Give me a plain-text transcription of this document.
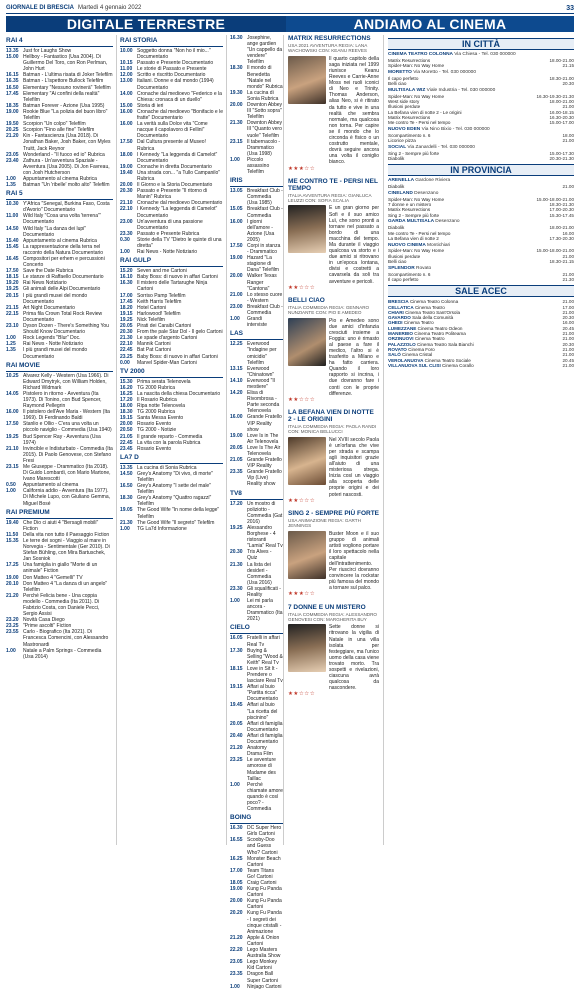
GIORNALE DI BRESCIA Martedì 4 gennaio 2022	33
DIGITALE TERRESTRE	ANDIAMO AL CINEMA
RAI 4
13.35 Just for Laughs Show
15.00 Hellboy - Fantastico (Usa 2004). Di Guillermo Del Toro, con Ron Perlman, John Hurt
16.15 Batman - L'ultima risata di Joker Telefilm
16.35 Batman - L'ispettore Bullock Telefilm
16.50 Elementary "Nessuno rovinerà" Telefilm
17.45 Elementary "Ai confini della realtà" Telefilm
18.35 Batman Forever - Azione (Usa 1995)
19.00 Rookie Blue "La polizia del buon libro" Telefilm
19.50 Scorpion "Un colpo" Telefilm
20.25 Scorpion "Fino alle fine" Telefilm
21.20 Kin - Fantascienza (Usa 2018). Di Jonathan Baker, Josh Baker, con Myles Truitt, Jack Reynor
23.05 Wonderland - "Il fuoco ed io" Rubrica
23.40 Zathura - Un'avventura Spaziale - Avventura (Usa 2005). Di Jon Favreau, con Josh Hutcherson
1.00	Appuntamento al cinema Rubrica
1.35	Batman "Un 'ribelle' molto alto" Telefilm
RAI 5
10.30 Y'Africa "Senegal, Burkina Faso, Costa d'Avorio" Documentario
11.00 Wild Italy "Cosa una volta 'terrena'" Documentario
14.50 Wild Italy "La danza dei lupi" Documentario
15.40 Appuntamento al cinema Rubrica
15.45 La rappresentazione della terra nel racconto della Natura Documentario
16.45 Compositori per erhem e percussioni Concerto
17.50 Save the Date Rubrica
18.15 Le stanze di Raffaello Documentario
19.20 Rai News Notiziario
19.25 Gli animali delle Alpi Documentario
20.15 I più grandi musei del mondo Documentario
21.15 Art Night Documentario
22.15 Prima fila Crown Total Rock Review Documentario
23.10 Dyson Dozen - There's Something You Should Know Documentario
1.00	Rock Legends "Blur" Doc.
1.25	Rai News - Notte Notiziario
1.35	I più grandi musei del mondo Documentario
RAI MOVIE
10.25 Alvarez Kelly - Western (Usa 1966). Di Edward Dmytryk, con William Holden, Richard Widmark
14.05 Pistolero in ritorno - Avventura (Ita 1973). Di Tonino, con Bud Spencer, Raymond Pellegrin
16.00 Il pistolero dell'Ave Maria - Western (Ita 1969). Di Ferdinando Baldi
17.50 Stanlio e Ollio - C'era una volta un piccolo naviglio - Commedia (Usa 1940)
19.25 Bud Spencer Ray - Avventura (Usa 1974)
21.10 Invincible e Indisturbato - Commedia (Ita 2015). Di Paolo Genovese, con Stefano Fresi
23.15 Me Giuseppe - Drammatico (Ita 2018). Di Guido Lombardi, con Mario Martone, Ivano Marescotti
0.50	Appuntamento al cinema
1.00	California addio - Avventura (Ita 1977). Di Michele Lupo, con Giuliano Gemma, Miguel Bosé
RAI PREMIUM
19.40 Che Dio ci aiuti 4 "Bersagli mobili" Fiction
11.50 Della vita non tutto il Paesaggio Fiction
15.35 Le terre dei sogni - Viaggio al mare in Norvegia - Sentimentale (Ger 2010). Di Stefan Bühling, con Mira Bartuschek, Jan Sosniok
17.25 Una famiglia in giallo "Morte di un animale" Fiction
19.00 Don Matteo 4 "Gemelli" TV
20.10 Don Matteo 4 "La danza di un angelo" Telefilm
21.20 Perché Felicia bene - Una coppia modello - Commedia (Ita 2011). Di Fabrizio Costa, con Daniele Pecci, Sergio Assisi
23.20 Novità Casa Diego
23.25 "Prime ascolti" Fiction
23.55 Carlo - Biografico (Ita 2021). Di Francesca Comencini, con Alessandro Mastronardi
1.00	Natale a Palm Springs - Commedia (Usa 2014)
RAI STORIA
10.00 Soggetto donna "Non ho il mio..." Documentario
10.15 Passato e Presente Documentario
11.00 Le storie di Passato e Presente
12.00 Scritto e riscritto Documentario
13.00 Italiani. Donne e dal mondo (1994) Documentario
14.00 Cronache dal medioevo "Federico e la Chiesa: cronaca di un duello"
15.00 Storia di ieri
16.00 Cronache dal medioevo "Bonifacio e le fratte" Documentario
16.00 La verità sulla Dolce vita "Come nacque il capolavoro di Fellini" Documentario
17.50 Dal Cultura presente al Museo! Rubrica
18.00 I Kennedy "La leggenda di Camelot" Documentario
19.00 Cronache in diretta Documentario
19.40 Una strada con... "a Tullo Campanilo" Rubrica
20.00 Il Giorno e la Storia Documentario
20.30 Passato e Presente "Il ritorno di Manin" Rubrica
21.10 Cronache dal medioevo Documentario
22.10 I Kennedy "La leggenda di Camelot" Documentario
23.00 Un'avventura di una passione Documentario
23.30 Passato e Presente Rubrica
0.30	Storie della TV "Dietro le quinte di una diretta"
1.00	Rai News - Notte Notiziario
RAI GULP
15.20 Seven and me Cartoni
16.10 Baby Boss: di nuovo in affari Cartoni
16.30 Il mistero delle Tartarughe Ninja Cartoni
17.00 Sorriso Pamp Telefilm
17.45 Keith Harris Telefilm
18.20 Hotel Cartoni
19.15 Harlowood! Telefilm
19.25 Nick Telefilm
20.05 Pirati dei Caraibi Cartoni
20.30 From the pale Star Dol - Il gelo Cartoni
21.30 Le spade d'argento Cartoni
22.10 Mannik Cartoni
22.45 Bat Pat Cartoni
23.25 Baby Boss: di nuovo in affari Cartoni
0.00	Marvel Spider-Man Cartoni
TV 2000
15.30 Prima serata Telenovela
16.20 TG 2000 Rubrica
16.25 La nascita della chiesa Documentario
17.20 Il Rosario Rubrica
18.00 Ripa notte Telenovela
18.30 TG 2000 Rubrica
19.15 Santa Messa Evento
20.00 Rosario Evento
20.50 TG 2000 - Notizie
21.05 Il grande reparto - Commedia
22.45 La vita con la parola Rubrica
23.45 Rosario Evento
LA7 D
13.35 La cucina di Sonia Rubrica
14.50 Grey's Anatomy "Di vivo, di morte" Telefilm
16.50 Grey's Anatomy "I sette del male" Telefilm
18.30 Grey's Anatomy "Quattro ragazzi" Telefilm
19.05 The Good Wife "In nome della legge" Telefilm
21.30 The Good Wife "Il segreto" Telefilm
1.00	TG La7d Informazione
16.30 Josephine, ange gardien "Un cappello da vendere" Telefilm
18.30 Il mondo di Benedetta "Natale nel mondo" Rubrica
19.30 La cucina di Sonia Rubrica
20.00 Downton Abbey III "Sotto sopra" Telefilm
21.30 Downton Abbey III "Quanto vero vuole" Telefilm
23.15 Il tabernacolo - Drammatico (Usa 1998)
1.00	Piccolo assassino Telefilm
IRIS
13.05 Breakfast Club - Commedia (Usa 1985)
15.05 Breakfast Club - Commedia
16.00 I giorni dell'amore - Azione (Usa 2005)
17.50 Corpi in stanza - Drammatico
19.00 Hazard "La stagione di Dana" Telefilm
20.00 Walker Texas Ranger "Cantona"
21.00 Lo stesso cuore - Western
23.00 Breakfast Club - Commedia
1.00	Grandi interviste
LAS
12.25 Everwood "Indagine per omicidio" Telefilm
13.15 Everwood "Chinatown"
14.10 Everwood "Il mestiere"
14.20 Elisa di Rivombrosa - Parte seconda Telenovela
16.00 Grande Fratello VIP Reality show
19.00 Love Is in The Air Telenovela
20.05 Love Is The Air Telenovela
21.05 Grande Fratello VIP Reality
23.35 Grande Fratello Vip (Live) Reality show
TV8
17.20 Un mostro di poliziotto - Commedia (Gat 2016)
19.25 Alessandro Borghese - 4 ristoranti "Lamia" Real Tv
20.30 Tris Alves - Quiz
21.30 La lista dei desideri - Commedia (Usa 2016)
23.30 Gli squalificati - Reality
1.00	Lei mi parla ancora - Drammatico (Ita 2021)
CIELO
16.05 Fratelli in affari Real Tv
17.30 Buying & Selling "Wood & Keith" Real Tv
18.15 Love in Sit It - Prendere o lasciare Real Tv
19.15 Affari al buio "Partita ricca" Documentario
19.45 Affari al buio "La ricetta del piscinino"
20.05 Affari di famiglia Documentario
20.40 Affari di famiglia Documentario
21.20 Anatomy Drama Film
23.25 Le avventure amorose di Madame des Taillac
1.00	Perché chiamate amore quando è così poco? - Commedia
BOING
16.30 DC Super Hero Girls Cartoni
16.55 Scooby-Doo and Guess Who? Cartoni
16.25 Monster Beach Cartoni
17.00 Team Titans Go! Cartoni
18.05 Craig Cartoni
19.00 Kung Fu Panda Cartoni
20.00 Kung Fu Panda Cartoni
20.20 Kung Fu Panda - I segreti dei cinque cristalli - Animazione
21.20 Apple & Onion Cartoni
22.20 Lego Masters Australia Show
23.05 Lego Monkey Kid Cartoni
23.35 Dragon Ball Super Cartoni
1.00	Ninjago Cartoni
MATRIX RESURRECTIONS
USA 2021 AVVENTURA REGIA: LANA WACHOWSKI CON: KEANU REEVES
Il quarto capitolo della saga iniziata nel 1999 riunisce Keanu Reeves e Carrie-Anne Moss nei ruoli iconici di Neo e Trinity. Thomas Anderson, alias Neo, si è ritirato da tutto e vive in una realtà che sembra normale, ma qualcosa non torna. Per capire se il mondo che lo circonda è fisico o un costrutto mentale, dovrà seguire ancora una volta il coniglio bianco.
★★★☆☆
ME CONTRO TE - PERSI NEL TEMPO
ITALIA AVVENTURA REGIA: GIANLUCA LEUZZI CON: SOFIA SCALIA
E un gran giorno per Sofi e il suo amico Luì, che sono pronti a tornare nel passato a bordo di una macchina del tempo. Ma durante il viaggio qualcosa va storto e i due amici si ritrovano in un'epoca lontana, divisi e costretti a cavarsela da soli tra avventure e pericoli.
★★☆☆☆
BELLI CIAO
ITALIA COMMEDIA REGIA: GENNARO NUNZIANTE CON: PIO E AMEDEO
Pio e Amedeo sono due amici d'infanzia cresciuti insieme a Foggia: uno è rimasto al paese a fare il medico, l'altro si è trasferito a Milano e ha fatto carriera. Quando il loro rapporto si incrina, i due dovranno fare i conti con le proprie differenze.
★★☆☆☆
LA BEFANA VIEN DI NOTTE 2 - LE ORIGINI
ITALIA COMMEDIA REGIA: PAOLA RANDI CON: MONICA BELLUCCI
Nel XVIII secolo Paola è un'orfana che vive per strada e scampa agli inquisitori grazie all'aiuto di una misteriosa strega. Inizia così un viaggio alla scoperta delle proprie origini e dei poteri nascosti.
★★☆☆☆
SING 2 - SEMPRE PIÙ FORTE
USA ANIMAZIONE REGIA: GARTH JENNINGS
Buster Moon e il suo gruppo di animali artisti vogliono portare il loro spettacolo nella capitale dell'intrattenimento. Per riuscirci dovranno convincere la rockstar più famosa del mondo a tornare sul palco.
★★★☆☆
7 DONNE E UN MISTERO
ITALIA COMMEDIA REGIA: ALESSANDRO GENOVESI CON: MARGHERITA BUY
Sette donne si ritrovano la vigilia di Natale in una villa isolata per festeggiare, ma l'unico uomo della casa viene trovato morto. Tra sospetti e rivelazioni, ciascuna avrà qualcosa da nascondere.
★★☆☆☆
IN CITTÀ
CINEMA TEATRO COLONNA Via Chiesa - Tel. 030 000000
Matrix Resurrections	18.00-21.00
Spider-Man: No Way Home	21.15
MORETTO Via Moretto - Tel. 030 000000
Il capo perfetto	18.30-21.00
Belli ciao	20.30
MULTISALA WIZ Viale Industria - Tel. 030 000000
Spider-Man: No Way Home	16.30-19.30-21.30
West side story	18.00-21.00
Illusioni perdute	21.00
La Befana vien di notte 2 - Le origini	16.00-18.15
Matrix Resurrections	16.30-20.30
Me contro Te - Persi nel tempo	15.00-17.00
NUOVO EDEN Via Nino Bixio - Tel. 030 000000
Scompartimento n. 6	18.00
Licorice pizza	21.00
SOCIAL Via Zanardelli - Tel. 030 000000
Sing 2 - Sempre più forte	15.00-17.30
Diabolik	20.30-21.30
IN PROVINCIA
ARENELLA Gardone Riviera
Diabolik	21.00
CINELAND Desenzano
Spider-Man: No Way Home	15.00-18.00-21.00
7 donne e un mistero	18.30-21.30
Matrix Resurrections	17.00-20.30
Sing 2 - Sempre più forte	15.30-17.45
GARDA MULTISALA Desenzano
Diabolik	18.00-21.00
Me contro Te - Persi nel tempo	16.00
La Befana vien di notte 2	17.30-20.30
NUOVO CINEMA Montichiari
Spider-Man: No Way Home	15.00-18.00-21.00
Illusioni perdute	21.00
Belli ciao	18.30-21.15
SPLENDOR Rovato
Scompartimento n. 6	21.00
Il capo perfetto	21.30
SALE ACEC
BRESCIA Cinema Teatro Colonna	21.00
CELLATICA Cinema Teatro	17.00
CHIARI Cinema Teatro Sant'Orsola	21.00
GAVARDO Sala della Comunità	20.30
GHEDI Cinema Teatro	16.00
LUMEZZANE Cinema Teatro Odeon	20.45
MANERBIO Cinema Teatro Politeama	21.00
ORZINUOVI Cinema Teatro	21.00
PALAZZOLO Cinema Teatro Sala Bianchi	20.30
ROVATO Cinema Foro	21.00
SALÒ Cinema Cristal	21.00
VEROLANUOVA Cinema Teatro Sociale	20.45
VILLANUOVA SUL CLISI Cinema Corallo	21.00
